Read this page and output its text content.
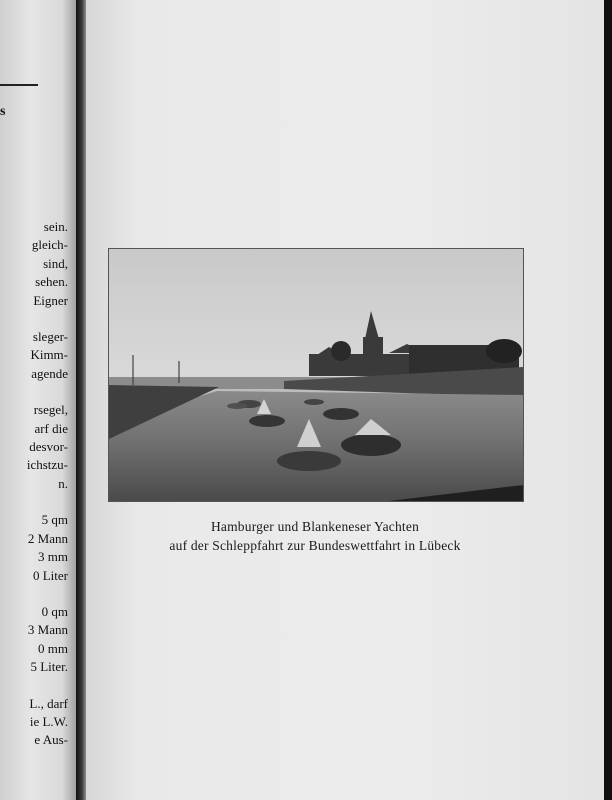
s
sein.
gleich-
sind,
sehen.
Eigner
sleger-
Kimm-
agende
rsegel,
arf die
desvor-
ichstzu-
n.
5 qm
2 Mann
3 mm
0 Liter
0 qm
3 Mann
0 mm
5 Liter.
L., darf
ie L.W.
e Aus-
Hamburger und Blankeneser Yachten
auf der Schleppfahrt zur Bundeswettfahrt in Lübeck
